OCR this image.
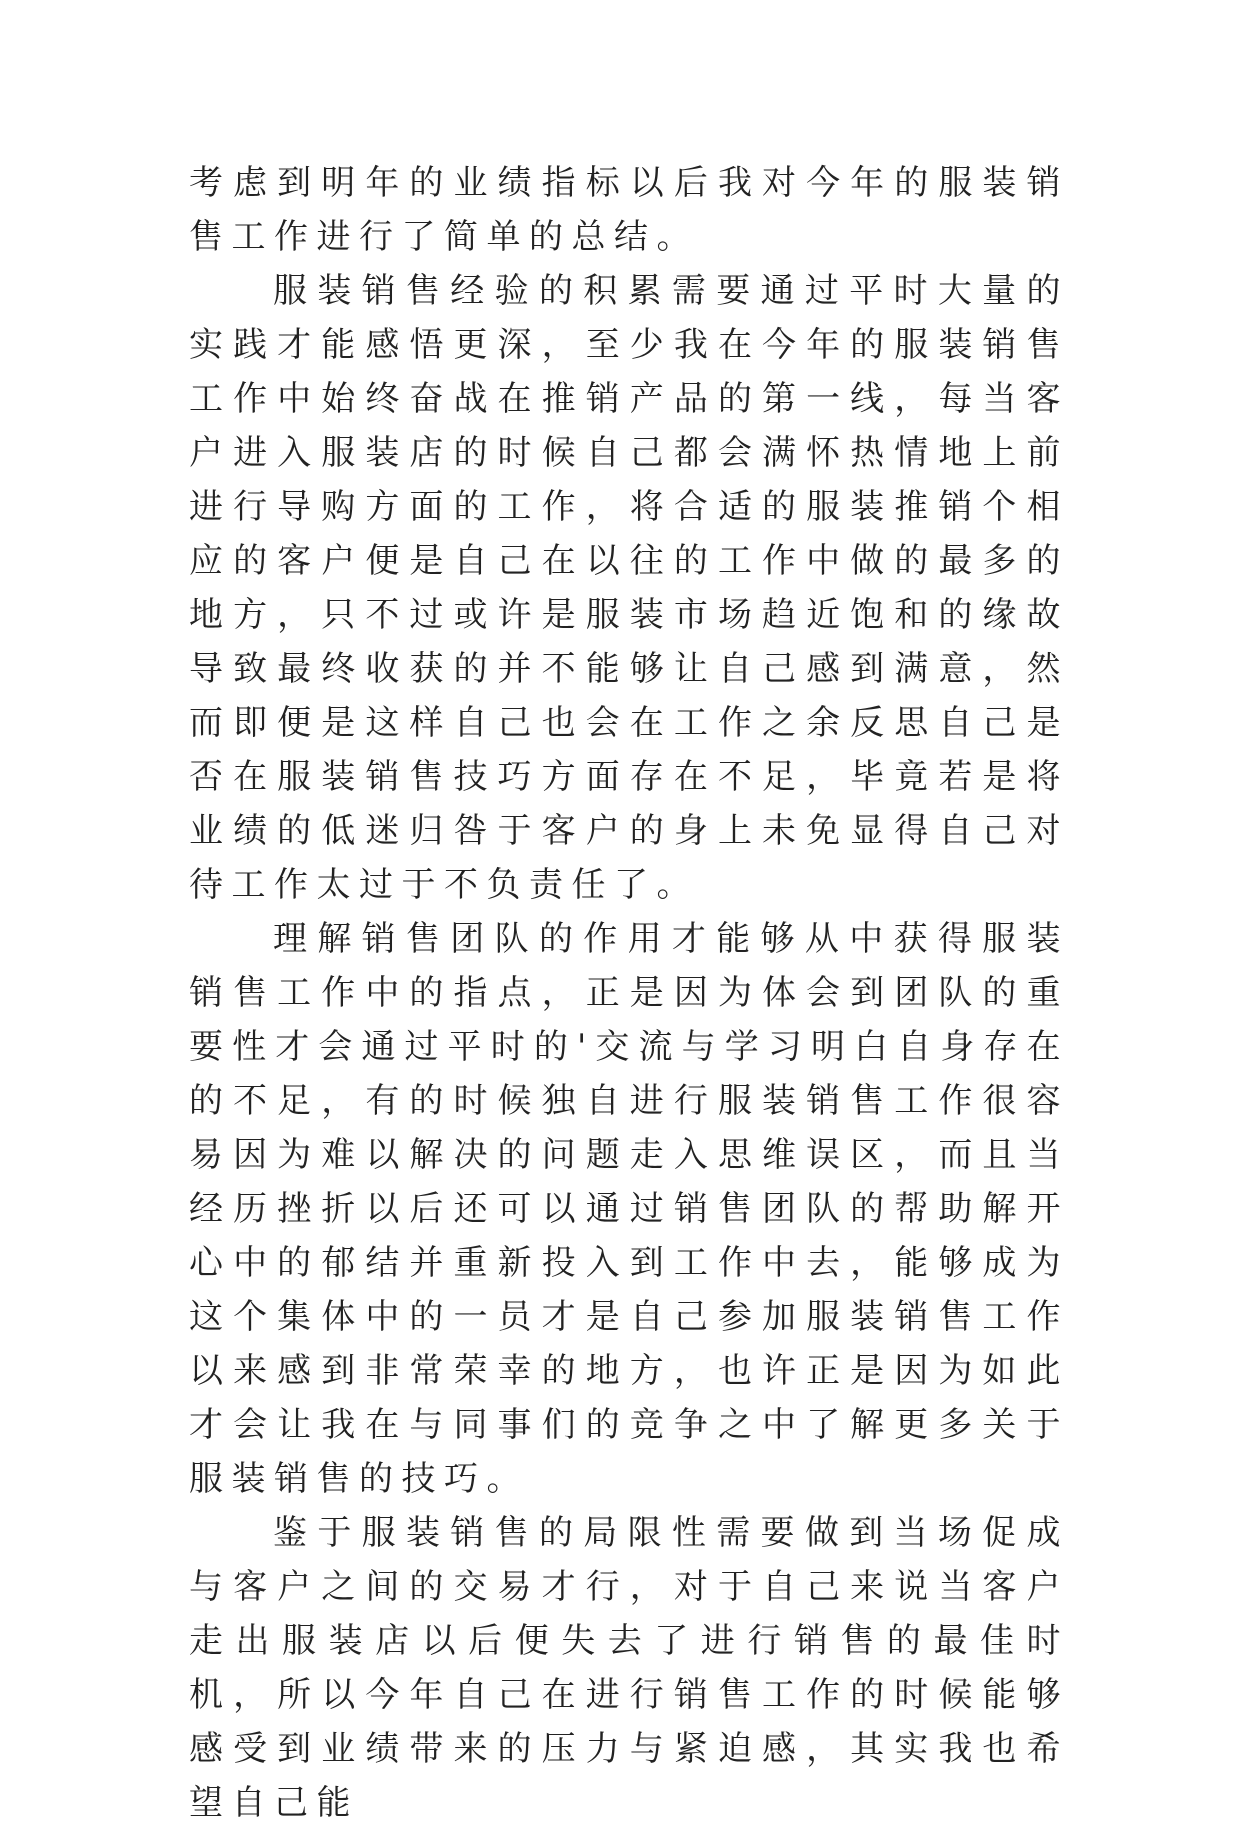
考虑到明年的业绩指标以后我对今年的服装销售工作进行了简单的总结。

服装销售经验的积累需要通过平时大量的实践才能感悟更深，至少我在今年的服装销售工作中始终奋战在推销产品的第一线，每当客户进入服装店的时候自己都会满怀热情地上前进行导购方面的工作，将合适的服装推销个相应的客户便是自己在以往的工作中做的最多的地方，只不过或许是服装市场趋近饱和的缘故导致最终收获的并不能够让自己感到满意，然而即便是这样自己也会在工作之余反思自己是否在服装销售技巧方面存在不足，毕竟若是将业绩的低迷归咎于客户的身上未免显得自己对待工作太过于不负责任了。

理解销售团队的作用才能够从中获得服装销售工作中的指点，正是因为体会到团队的重要性才会通过平时的'交流与学习明白自身存在的不足，有的时候独自进行服装销售工作很容易因为难以解决的问题走入思维误区，而且当经历挫折以后还可以通过销售团队的帮助解开心中的郁结并重新投入到工作中去，能够成为这个集体中的一员才是自己参加服装销售工作以来感到非常荣幸的地方，也许正是因为如此才会让我在与同事们的竞争之中了解更多关于服装销售的技巧。

鉴于服装销售的局限性需要做到当场促成与客户之间的交易才行，对于自己来说当客户走出服装店以后便失去了进行销售的最佳时机，所以今年自己在进行销售工作的时候能够感受到业绩带来的压力与紧迫感，其实我也希望自己能
